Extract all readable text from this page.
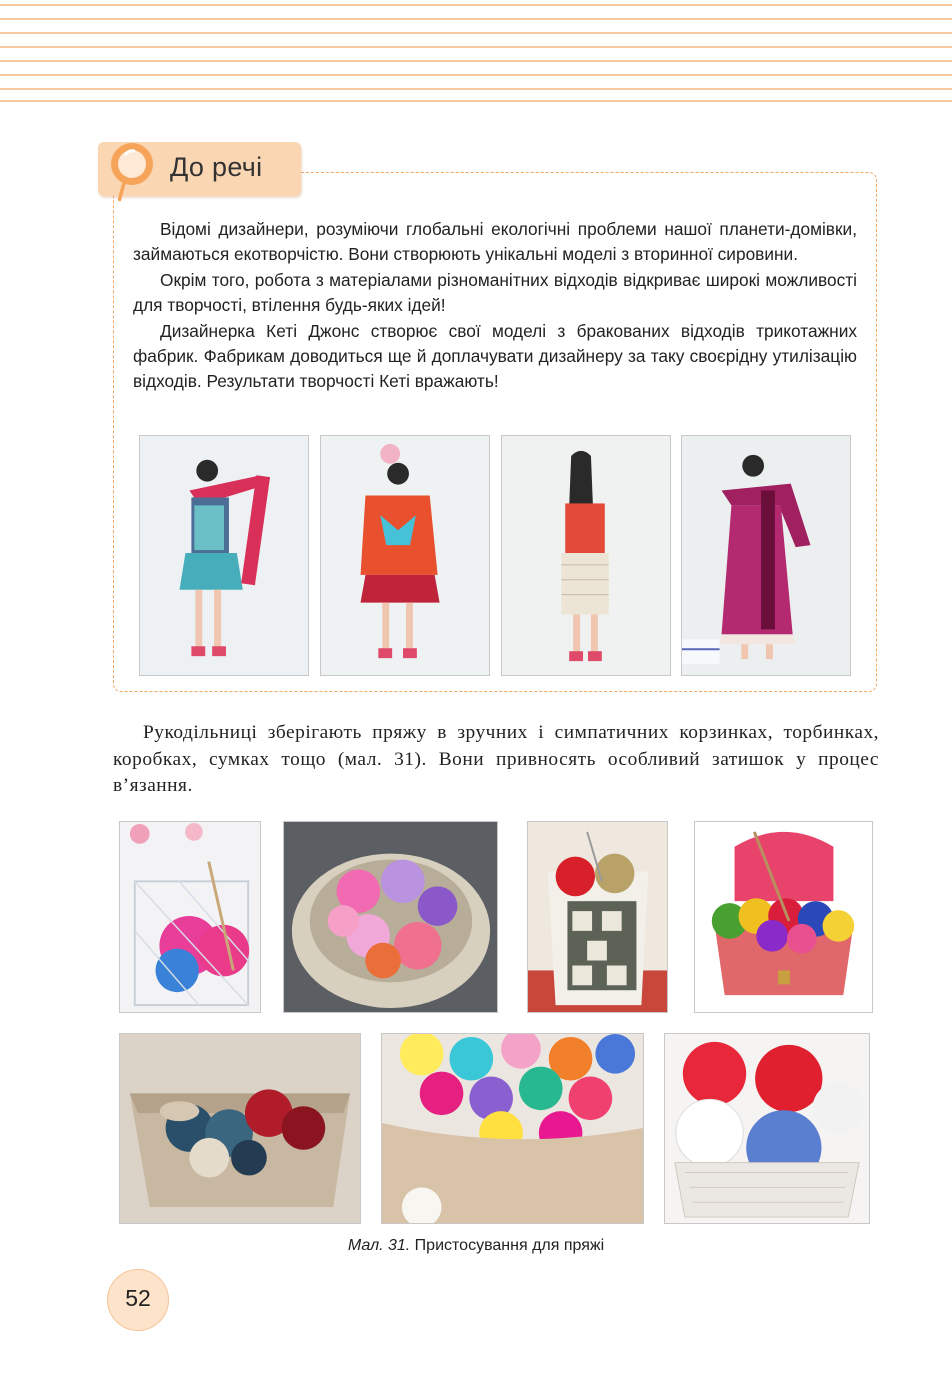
До речі

Відомі дизайнери, розуміючи глобальні екологічні проблеми нашої планети-домівки, займаються екотворчістю. Вони створюють унікальні моделі з вторинної сировини.

Окрім того, робота з матеріалами різноманітних відходів відкриває широкі можливості для творчості, втілення будь-яких ідей!

Дизайнерка Кеті Джонс створює свої моделі з бракованих відходів трикотажних фабрик. Фабрикам доводиться ще й доплачувати дизайнеру за таку своєрідну утилізацію відходів. Результати творчості Кеті вражають!

Рукодільниці зберігають пряжу в зручних і симпатичних корзинках, торбинках, коробках, сумках тощо (мал. 31). Вони привносять особливий затишок у процес в’язання.

Мал. 31. Пристосування для пряжі
52
